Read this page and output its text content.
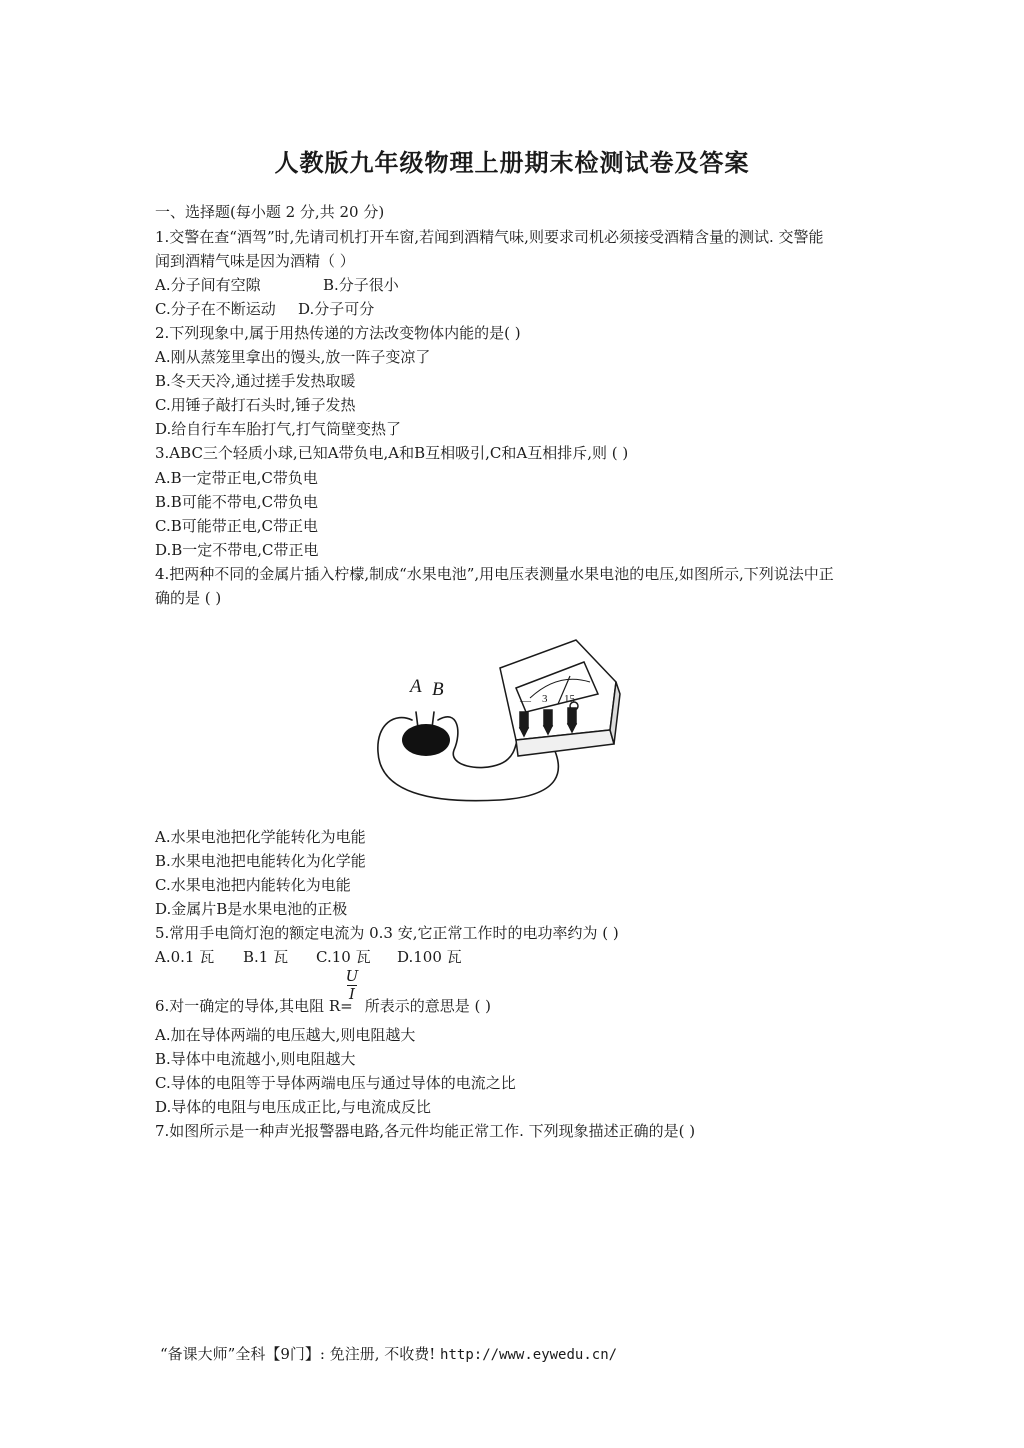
人教版九年级物理上册期末检测试卷及答案
一、选择题(每小题 2 分,共 20 分)
1.交警在查“酒驾”时,先请司机打开车窗,若闻到酒精气味,则要求司机必须接受酒精含量的测试. 交警能
闻到酒精气味是因为酒精（ ）
A.分子间有空隙	B.分子很小
C.分子在不断运动 D.分子可分
2.下列现象中,属于用热传递的方法改变物体内能的是( )
A.刚从蒸笼里拿出的馒头,放一阵子变凉了
B.冬天天冷,通过搓手发热取暖
C.用锤子敲打石头时,锤子发热
D.给自行车车胎打气,打气筒壁变热了
3.ABC三个轻质小球,已知A带负电,A和B互相吸引,C和A互相排斥,则 ( )
A.B一定带正电,C带负电
B.B可能不带电,C带负电
C.B可能带正电,C带正电
D.B一定不带电,C带正电
4.把两种不同的金属片插入柠檬,制成“水果电池”,用电压表测量水果电池的电压,如图所示,下列说法中正
确的是 ( )
A B
— 3 15
A.水果电池把化学能转化为电能
B.水果电池把电能转化为化学能
C.水果电池把内能转化为电能
D.金属片B是水果电池的正极
5.常用手电筒灯泡的额定电流为 0.3 安,它正常工作时的电功率约为 ( )
A.0.1 瓦 B.1 瓦 C.10 瓦 D.100 瓦
U
I
6.对一确定的导体,其电阻 R= 所表示的意思是 ( )
A.加在导体两端的电压越大,则电阻越大
B.导体中电流越小,则电阻越大
C.导体的电阻等于导体两端电压与通过导体的电流之比
D.导体的电阻与电压成正比,与电流成反比
7.如图所示是一种声光报警器电路,各元件均能正常工作. 下列现象描述正确的是( )
“备课大师”全科【9门】: 免注册, 不收费! http://www.eywedu.cn/
